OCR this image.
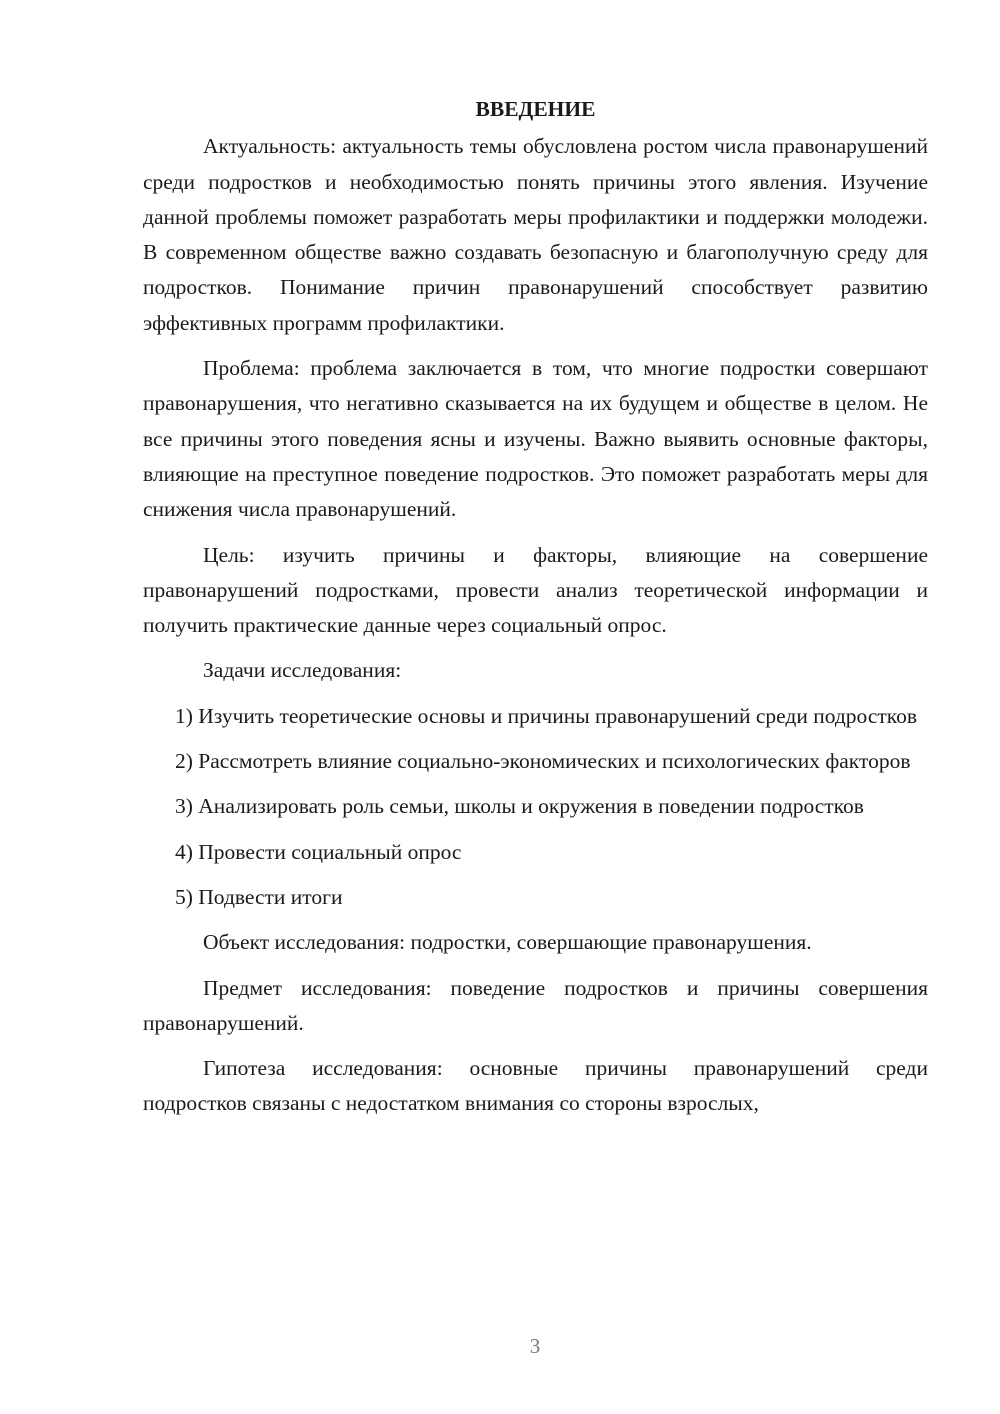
ВВЕДЕНИЕ

Актуальность: актуальность темы обусловлена ростом числа правонарушений среди подростков и необходимостью понять причины этого явления. Изучение данной проблемы поможет разработать меры профилактики и поддержки молодежи. В современном обществе важно создавать безопасную и благополучную среду для подростков. Понимание причин правонарушений способствует развитию эффективных программ профилактики.

Проблема: проблема заключается в том, что многие подростки совершают правонарушения, что негативно сказывается на их будущем и обществе в целом. Не все причины этого поведения ясны и изучены. Важно выявить основные факторы, влияющие на преступное поведение подростков. Это поможет разработать меры для снижения числа правонарушений.

Цель: изучить причины и факторы, влияющие на совершение правонарушений подростками, провести анализ теоретической информации и получить практические данные через социальный опрос.

Задачи исследования:

1) Изучить теоретические основы и причины правонарушений среди подростков

2) Рассмотреть влияние социально-экономических и психологических факторов

3) Анализировать роль семьи, школы и окружения в поведении подростков

4) Провести социальный опрос

5) Подвести итоги

Объект исследования: подростки, совершающие правонарушения.

Предмет исследования: поведение подростков и причины совершения правонарушений.

Гипотеза исследования: основные причины правонарушений среди подростков связаны с недостатком внимания со стороны взрослых,

3
